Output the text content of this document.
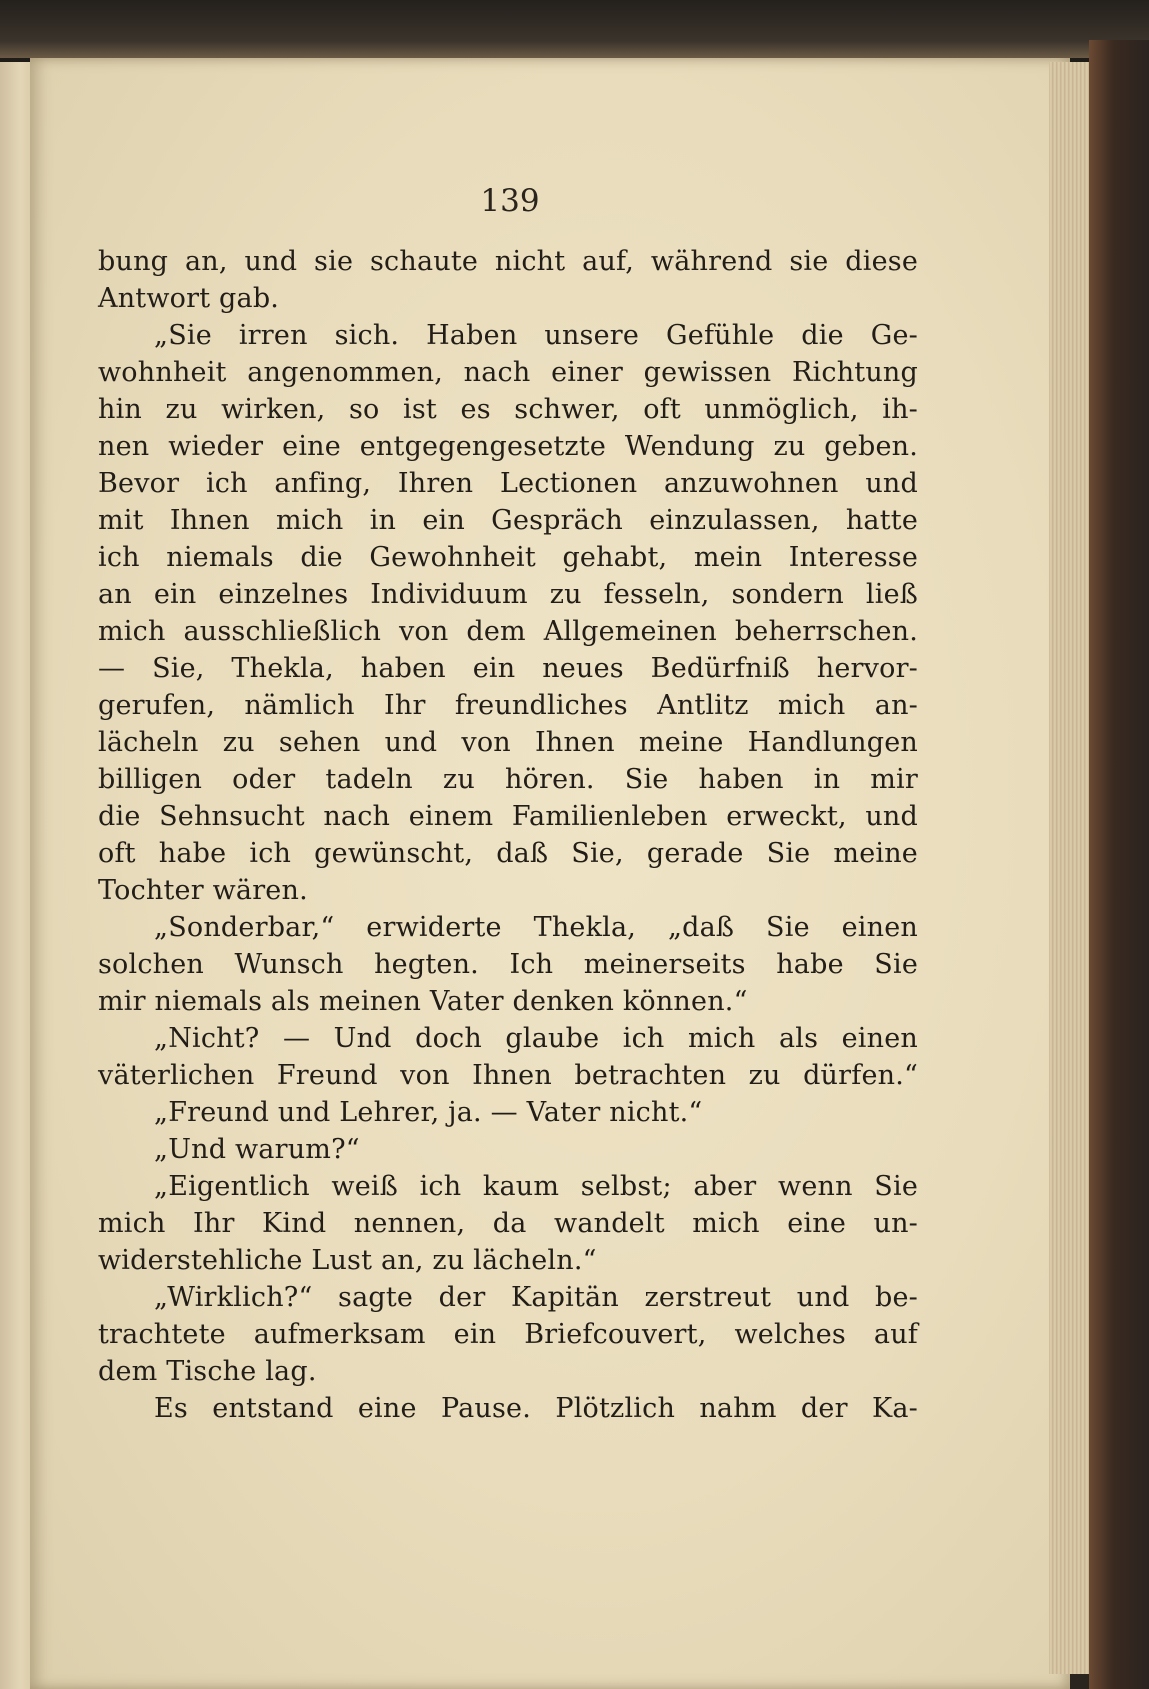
139
bung an, und sie schaute nicht auf, während sie diese
Antwort gab.
„Sie irren sich. Haben unsere Gefühle die Ge-
wohnheit angenommen, nach einer gewissen Richtung
hin zu wirken, so ist es schwer, oft unmöglich, ih-
nen wieder eine entgegengesetzte Wendung zu geben.
Bevor ich anfing, Ihren Lectionen anzuwohnen und
mit Ihnen mich in ein Gespräch einzulassen, hatte
ich niemals die Gewohnheit gehabt, mein Interesse
an ein einzelnes Individuum zu fesseln, sondern ließ
mich ausschließlich von dem Allgemeinen beherrschen.
— Sie, Thekla, haben ein neues Bedürfniß hervor-
gerufen, nämlich Ihr freundliches Antlitz mich an-
lächeln zu sehen und von Ihnen meine Handlungen
billigen oder tadeln zu hören. Sie haben in mir
die Sehnsucht nach einem Familienleben erweckt, und
oft habe ich gewünscht, daß Sie, gerade Sie meine
Tochter wären.
„Sonderbar,“ erwiderte Thekla, „daß Sie einen
solchen Wunsch hegten. Ich meinerseits habe Sie
mir niemals als meinen Vater denken können.“
„Nicht? — Und doch glaube ich mich als einen
väterlichen Freund von Ihnen betrachten zu dürfen.“
„Freund und Lehrer, ja. — Vater nicht.“
„Und warum?“
„Eigentlich weiß ich kaum selbst; aber wenn Sie
mich Ihr Kind nennen, da wandelt mich eine un-
widerstehliche Lust an, zu lächeln.“
„Wirklich?“ sagte der Kapitän zerstreut und be-
trachtete aufmerksam ein Briefcouvert, welches auf
dem Tische lag.
Es entstand eine Pause. Plötzlich nahm der Ka-
